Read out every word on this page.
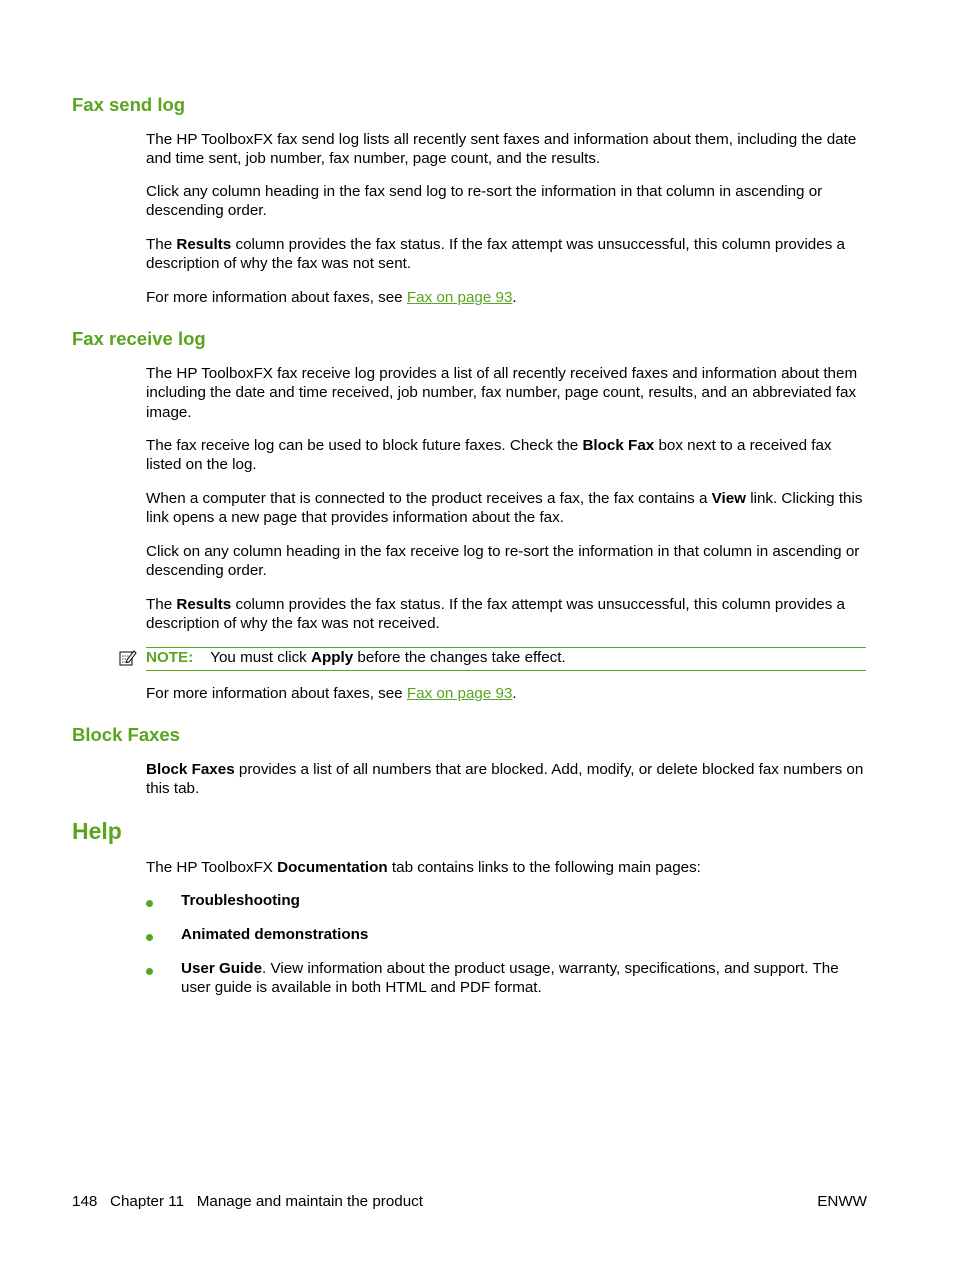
Fax send log

The HP ToolboxFX fax send log lists all recently sent faxes and information about them, including the date and time sent, job number, fax number, page count, and the results.

Click any column heading in the fax send log to re-sort the information in that column in ascending or descending order.

The Results column provides the fax status. If the fax attempt was unsuccessful, this column provides a description of why the fax was not sent.

For more information about faxes, see Fax on page 93.

Fax receive log

The HP ToolboxFX fax receive log provides a list of all recently received faxes and information about them including the date and time received, job number, fax number, page count, results, and an abbreviated fax image.

The fax receive log can be used to block future faxes. Check the Block Fax box next to a received fax listed on the log.

When a computer that is connected to the product receives a fax, the fax contains a View link. Clicking this link opens a new page that provides information about the fax.

Click on any column heading in the fax receive log to re-sort the information in that column in ascending or descending order.

The Results column provides the fax status. If the fax attempt was unsuccessful, this column provides a description of why the fax was not received.

NOTE: You must click Apply before the changes take effect.

For more information about faxes, see Fax on page 93.

Block Faxes

Block Faxes provides a list of all numbers that are blocked. Add, modify, or delete blocked fax numbers on this tab.

Help

The HP ToolboxFX Documentation tab contains links to the following main pages:

Troubleshooting

Animated demonstrations

User Guide. View information about the product usage, warranty, specifications, and support. The user guide is available in both HTML and PDF format.

148 Chapter 11 Manage and maintain the product	ENWW
